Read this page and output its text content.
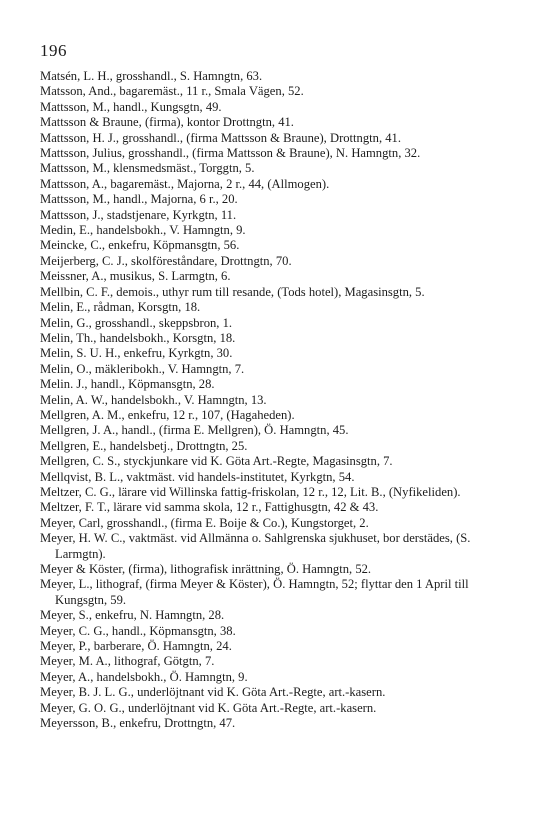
196
Matsén, L. H., grosshandl., S. Hamngtn, 63.
Matsson, And., bagaremäst., 11 r., Smala Vägen, 52.
Mattsson, M., handl., Kungsgtn, 49.
Mattsson & Braune, (firma), kontor Drottngtn, 41.
Mattsson, H. J., grosshandl., (firma Mattsson & Braune), Drottngtn, 41.
Mattsson, Julius, grosshandl., (firma Mattsson & Braune), N. Hamngtn, 32.
Mattsson, M., klensmedsmäst., Torggtn, 5.
Mattsson, A., bagaremäst., Majorna, 2 r., 44, (Allmogen).
Mattsson, M., handl., Majorna, 6 r., 20.
Mattsson, J., stadstjenare, Kyrkgtn, 11.
Medin, E., handelsbokh., V. Hamngtn, 9.
Meincke, C., enkefru, Köpmansgtn, 56.
Meijerberg, C. J., skolföreståndare, Drottngtn, 70.
Meissner, A., musikus, S. Larmgtn, 6.
Mellbin, C. F., demois., uthyr rum till resande, (Tods hotel), Magasinsgtn, 5.
Melin, E., rådman, Korsgtn, 18.
Melin, G., grosshandl., skeppsbron, 1.
Melin, Th., handelsbokh., Korsgtn, 18.
Melin, S. U. H., enkefru, Kyrkgtn, 30.
Melin, O., mäkleribokh., V. Hamngtn, 7.
Melin. J., handl., Köpmansgtn, 28.
Melin, A. W., handelsbokh., V. Hamngtn, 13.
Mellgren, A. M., enkefru, 12 r., 107, (Hagaheden).
Mellgren, J. A., handl., (firma E. Mellgren), Ö. Hamngtn, 45.
Mellgren, E., handelsbetj., Drottngtn, 25.
Mellgren, C. S., styckjunkare vid K. Göta Art.-Regte, Magasinsgtn, 7.
Mellqvist, B. L., vaktmäst. vid handels-institutet, Kyrkgtn, 54.
Meltzer, C. G., lärare vid Willinska fattig-friskolan, 12 r., 12, Lit. B., (Nyfikeliden).
Meltzer, F. T., lärare vid samma skola, 12 r., Fattighusgtn, 42 & 43.
Meyer, Carl, grosshandl., (firma E. Boije & Co.), Kungstorget, 2.
Meyer, H. W. C., vaktmäst. vid Allmänna o. Sahlgrenska sjukhuset, bor derstädes, (S. Larmgtn).
Meyer & Köster, (firma), lithografisk inrättning, Ö. Hamngtn, 52.
Meyer, L., lithograf, (firma Meyer & Köster), Ö. Hamngtn, 52; flyttar den 1 April till Kungsgtn, 59.
Meyer, S., enkefru, N. Hamngtn, 28.
Meyer, C. G., handl., Köpmansgtn, 38.
Meyer, P., barberare, Ö. Hamngtn, 24.
Meyer, M. A., lithograf, Götgtn, 7.
Meyer, A., handelsbokh., Ö. Hamngtn, 9.
Meyer, B. J. L. G., underlöjtnant vid K. Göta Art.-Regte, art.-kasern.
Meyer, G. O. G., underlöjtnant vid K. Göta Art.-Regte, art.-kasern.
Meyersson, B., enkefru, Drottngtn, 47.
